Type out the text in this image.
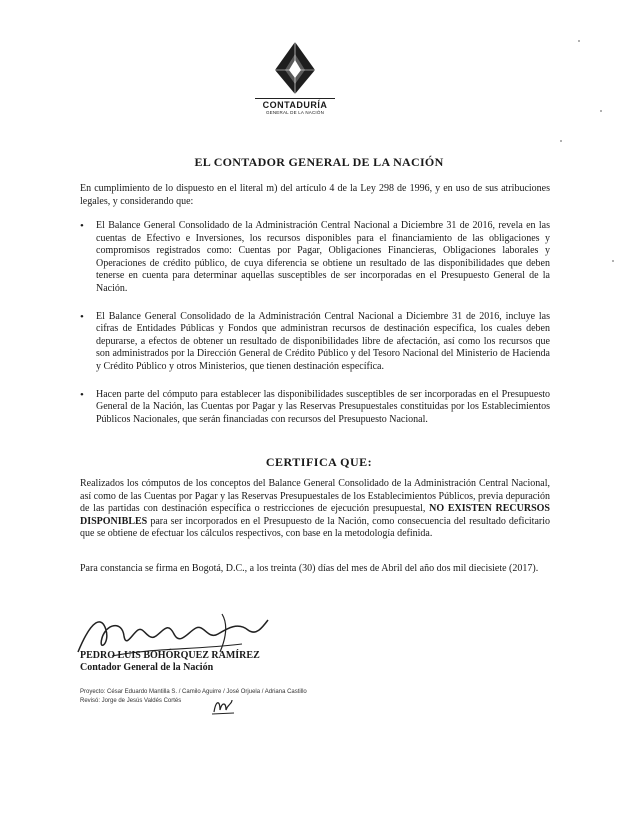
CONTADURÍA
GENERAL DE LA NACIÓN
EL CONTADOR GENERAL DE LA NACIÓN
En cumplimiento de lo dispuesto en el literal m) del artículo 4 de la Ley 298 de 1996, y en uso de sus atribuciones legales, y considerando que:
• El Balance General Consolidado de la Administración Central Nacional a Diciembre 31 de 2016, revela en las cuentas de Efectivo e Inversiones, los recursos disponibles para el financiamiento de las obligaciones y compromisos registrados como: Cuentas por Pagar, Obligaciones Financieras, Obligaciones laborales y Operaciones de crédito público, de cuya diferencia se obtiene un resultado de las disponibilidades que deben tenerse en cuenta para determinar aquellas susceptibles de ser incorporadas en el Presupuesto General de la Nación.
• El Balance General Consolidado de la Administración Central Nacional a Diciembre 31 de 2016, incluye las cifras de Entidades Públicas y Fondos que administran recursos de destinación específica, los cuales deben depurarse, a efectos de obtener un resultado de disponibilidades libre de afectación, así como los recursos que son administrados por la Dirección General de Crédito Público y del Tesoro Nacional del Ministerio de Hacienda y Crédito Público y otros Ministerios, que tienen destinación específica.
• Hacen parte del cómputo para establecer las disponibilidades susceptibles de ser incorporadas en el Presupuesto General de la Nación, las Cuentas por Pagar y las Reservas Presupuestales constituidas por los Establecimientos Públicos Nacionales, que serán financiadas con recursos del Presupuesto Nacional.
CERTIFICA QUE:
Realizados los cómputos de los conceptos del Balance General Consolidado de la Administración Central Nacional, así como de las Cuentas por Pagar y las Reservas Presupuestales de los Establecimientos Públicos, previa depuración de las partidas con destinación específica o restricciones de ejecución presupuestal, NO EXISTEN RECURSOS DISPONIBLES para ser incorporados en el Presupuesto de la Nación, como consecuencia del resultado deficitario que se obtiene de efectuar los cálculos respectivos, con base en la metodología definida.
Para constancia se firma en Bogotá, D.C., a los treinta (30) días del mes de Abril del año dos mil diecisiete (2017).
PEDRO LUIS BOHÓRQUEZ RAMÍREZ
Contador General de la Nación
Proyecto: César Eduardo Mantilla S. / Camilo Aguirre / José Orjuela / Adriana Castillo
Revisó: Jorge de Jesús Valdés Cortés
